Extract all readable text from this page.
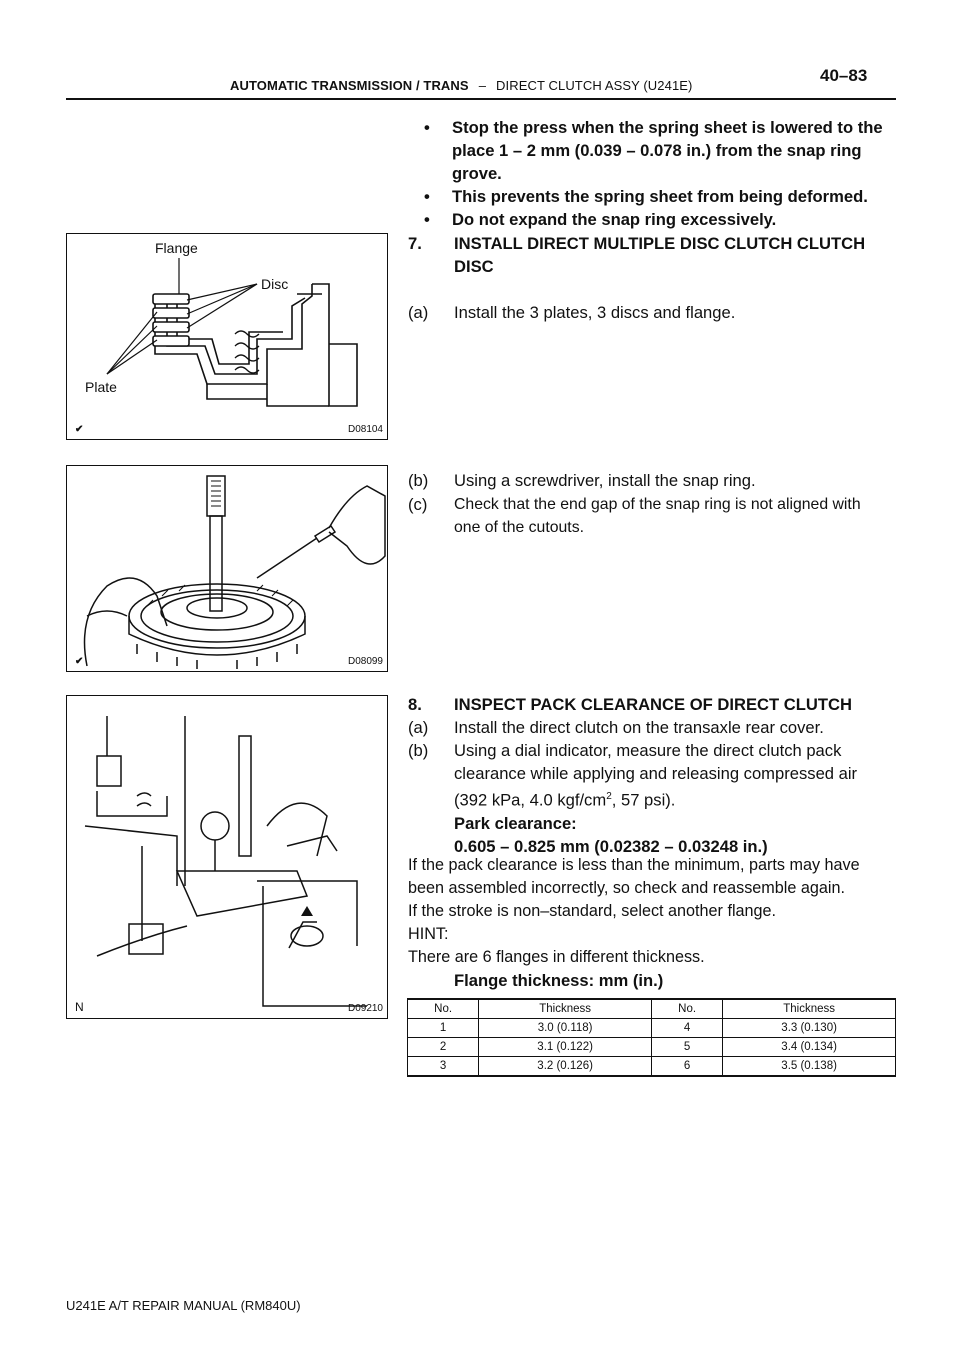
AUTOMATIC TRANSMISSION / TRANS – DIRECT CLUTCH ASSY (U241E)
40–83
• Stop the press when the spring sheet is lowered to the
place 1 – 2 mm (0.039 – 0.078 in.) from the snap ring
grove.
• This prevents the spring sheet from being deformed.
• Do not expand the snap ring excessively.
7. INSTALL DIRECT MULTIPLE DISC CLUTCH CLUTCH
DISC
(a) Install the 3 plates, 3 discs and flange.
(b) Using a screwdriver, install the snap ring.
(c) Check that the end gap of the snap ring is not aligned with
one of the cutouts.
8. INSPECT PACK CLEARANCE OF DIRECT CLUTCH
(a) Install the direct clutch on the transaxle rear cover.
(b) Using a dial indicator, measure the direct clutch pack
clearance while applying and releasing compressed air
(392 kPa, 4.0 kgf/$cm^2$, 57 psi).
Park clearance:
0.605 – 0.825 mm (0.02382 – 0.03248 in.)
If the pack clearance is less than the minimum, parts may have
been assembled incorrectly, so check and reassemble again.
If the stroke is non–standard, select another flange.
HINT:
There are 6 flanges in different thickness.
Flange thickness: mm (in.)
No.	Thickness	No.	Thickness
1	3.0 (0.118)	4	3.3 (0.130)
2	3.1 (0.122)	5	3.4 (0.134)
3	3.2 (0.126)	6	3.5 (0.138)
Flange
Disc
Plate
✔	D08104
✔	D08099
N	D09210
U241E A/T REPAIR MANUAL (RM840U)
